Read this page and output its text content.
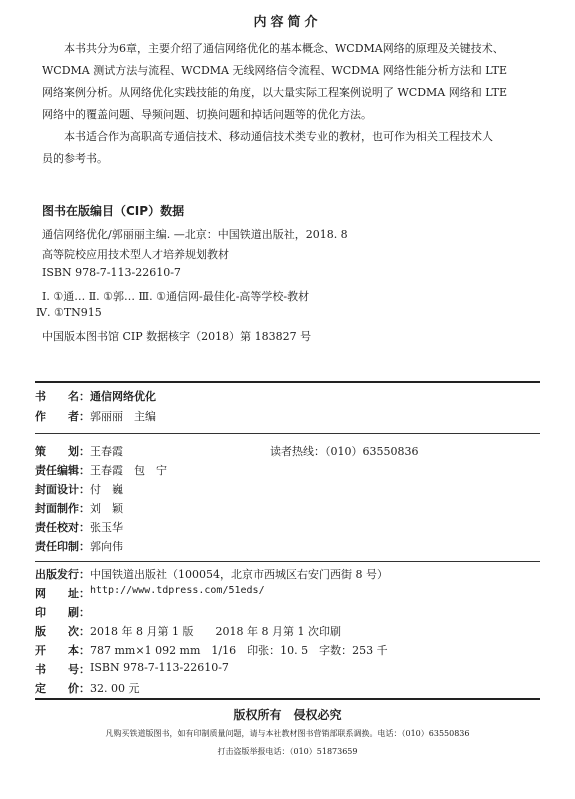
内容简介
本书共分为6章，主要介绍了通信网络优化的基本概念、WCDMA网络的原理及关键技术、
WCDMA 测试方法与流程、WCDMA 无线网络信令流程、WCDMA 网络性能分析方法和 LTE
网络案例分析。从网络优化实践技能的角度，以大量实际工程案例说明了 WCDMA 网络和 LTE
网络中的覆盖问题、导频问题、切换问题和掉话问题等的优化方法。
本书适合作为高职高专通信技术、移动通信技术类专业的教材，也可作为相关工程技术人
员的参考书。
图书在版编目（CIP）数据
通信网络优化/郭丽丽主编. —北京：中国铁道出版社，2018. 8
高等院校应用技术型人才培养规划教材
ISBN 978-7-113-22610-7
Ⅰ. ①通… Ⅱ. ①郭… Ⅲ. ①通信网-最佳化-高等学校-教材
Ⅳ. ①TN915
中国版本图书馆 CIP 数据核字（2018）第 183827 号
书　　名： 通信网络优化
作　　者： 郭丽丽　主编
策　　划： 王春霞	读者热线：（010）63550836
责任编辑： 王春霞　包　宁
封面设计： 付　巍
封面制作： 刘　颖
责任校对： 张玉华
责任印制： 郭向伟
出版发行： 中国铁道出版社（100054，北京市西城区右安门西街 8 号）
网　　址： http://www.tdpress.com/51eds/
印　　刷：
版　　次： 2018 年 8 月第 1 版　　2018 年 8 月第 1 次印刷
开　　本： 787 mm×1 092 mm　1/16　印张：10. 5　字数：253 千
书　　号： ISBN 978-7-113-22610-7
定　　价： 32. 00 元
版权所有　侵权必究
凡购买铁道版图书，如有印制质量问题，请与本社教材图书营销部联系调换。电话：（010）63550836
打击盗版举报电话：（010）51873659
